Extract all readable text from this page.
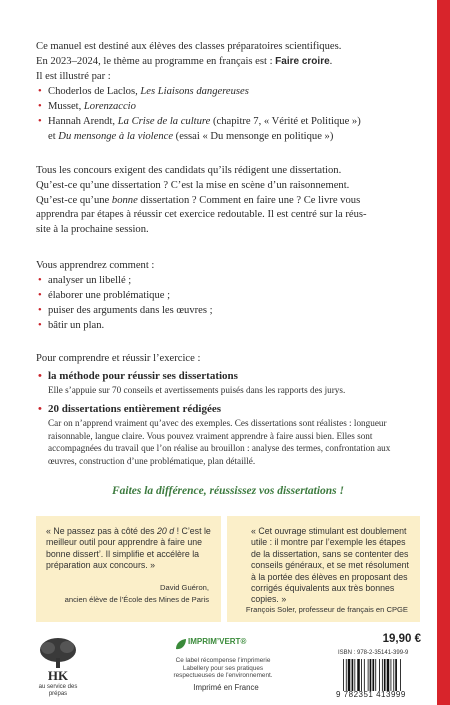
Ce manuel est destiné aux élèves des classes préparatoires scientifiques.

En 2023–2024, le thème au programme en français est : Faire croire.

Il est illustré par :

• Choderlos de Laclos, Les Liaisons dangereuses
• Musset, Lorenzaccio
• Hannah Arendt, La Crise de la culture (chapitre 7, « Vérité et Politique »)
et Du mensonge à la violence (essai « Du mensonge en politique »)

Tous les concours exigent des candidats qu’ils rédigent une dissertation.

Qu’est-ce qu’une dissertation ? C’est la mise en scène d’un raisonnement.

Qu’est-ce qu’une bonne dissertation ? Comment en faire une ? Ce livre vous

apprendra par étapes à réussir cet exercice redoutable. Il est centré sur la réus-

site à la prochaine session.

Vous apprendrez comment :

• analyser un libellé ;
• élaborer une problématique ;
• puiser des arguments dans les œuvres ;
• bâtir un plan.

Pour comprendre et réussir l’exercice :

• la méthode pour réussir ses dissertations

Elle s’appuie sur 70 conseils et avertissements puisés dans les rapports des jurys.

• 20 dissertations entièrement rédigées

Car on n’apprend vraiment qu’avec des exemples. Ces dissertations sont réalistes : longueur raisonnable, langue claire. Vous pouvez vraiment apprendre à faire aussi bien. Elles sont accompagnées du travail que l’on réalise au brouillon : analyse des termes, confrontation aux œuvres, construction d’une problématique, plan détaillé.

Faites la différence, réussissez vos dissertations !

« Ne passez pas à côté des 20 d ! C’est le meilleur outil pour apprendre à faire une bonne dissert’. Il simplifie et accélère la préparation aux concours. »

David Guéron,
ancien élève de l’École des Mines de Paris

« Cet ouvrage stimulant est doublement utile : il montre par l’exemple les étapes de la dissertation, sans se contenter des conseils généraux, et se met résolument à la portée des élèves en proposant des corrigés équivalents aux très bonnes copies. »

François Soler, professeur de français en CPGE
HK
au service des prépas
IMPRIM’VERT®
Ce label récompense l’imprimerie Labellery pour ses pratiques respectueuses de l’environnement.
Imprimé en France
19,90 €
ISBN : 978-2-35141-399-9
9 782351 413999
